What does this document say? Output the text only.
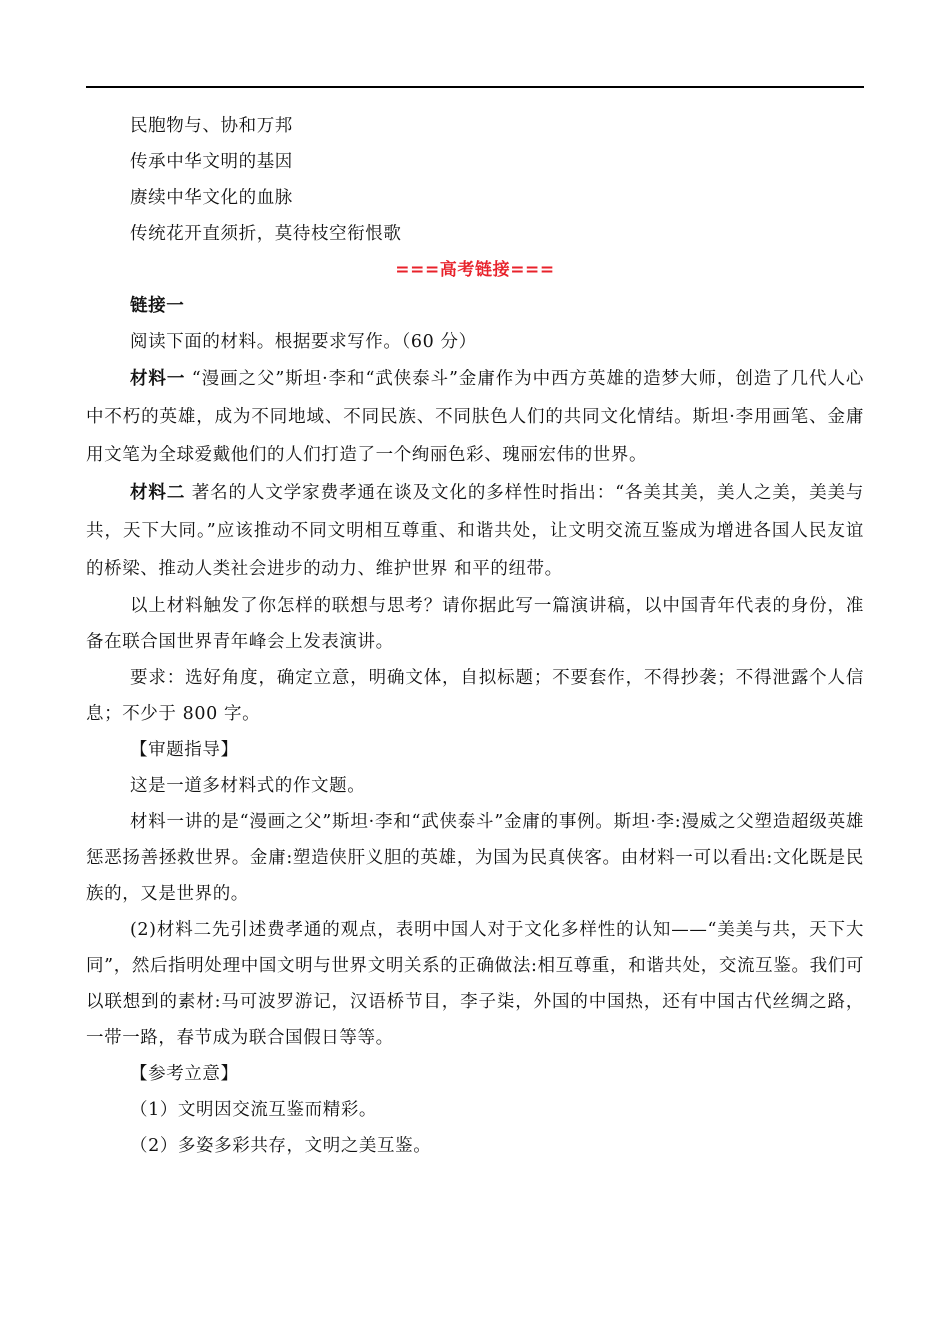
民胞物与、协和万邦

传承中华文明的基因

赓续中华文化的血脉

传统花开直须折，莫待枝空衔恨歌

===高考链接===

链接一

阅读下面的材料。根据要求写作。（60 分）

材料一 “漫画之父”斯坦·李和“武侠泰斗”金庸作为中西方英雄的造梦大师，创造了几代人心中不朽的英雄，成为不同地域、不同民族、不同肤色人们的共同文化情结。斯坦·李用画笔、金庸用文笔为全球爱戴他们的人们打造了一个绚丽色彩、瑰丽宏伟的世界。

材料二 著名的人文学家费孝通在谈及文化的多样性时指出：“各美其美，美人之美，美美与共，天下大同。”应该推动不同文明相互尊重、和谐共处，让文明交流互鉴成为增进各国人民友谊的桥梁、推动人类社会进步的动力、维护世界 和平的纽带。

以上材料触发了你怎样的联想与思考？请你据此写一篇演讲稿，以中国青年代表的身份，准备在联合国世界青年峰会上发表演讲。

要求：选好角度，确定立意，明确文体，自拟标题；不要套作，不得抄袭；不得泄露个人信息；不少于 800 字。

【审题指导】

这是一道多材料式的作文题。

材料一讲的是“漫画之父”斯坦·李和“武侠泰斗”金庸的事例。斯坦·李:漫威之父塑造超级英雄惩恶扬善拯救世界。金庸:塑造侠肝义胆的英雄，为国为民真侠客。由材料一可以看出:文化既是民族的，又是世界的。

(2)材料二先引述费孝通的观点，表明中国人对于文化多样性的认知——“美美与共，天下大同”，然后指明处理中国文明与世界文明关系的正确做法:相互尊重，和谐共处，交流互鉴。我们可以联想到的素材:马可波罗游记，汉语桥节目，李子柒，外国的中国热，还有中国古代丝绸之路，一带一路，春节成为联合国假日等等。

【参考立意】

（1）文明因交流互鉴而精彩。

（2）多姿多彩共存，文明之美互鉴。
